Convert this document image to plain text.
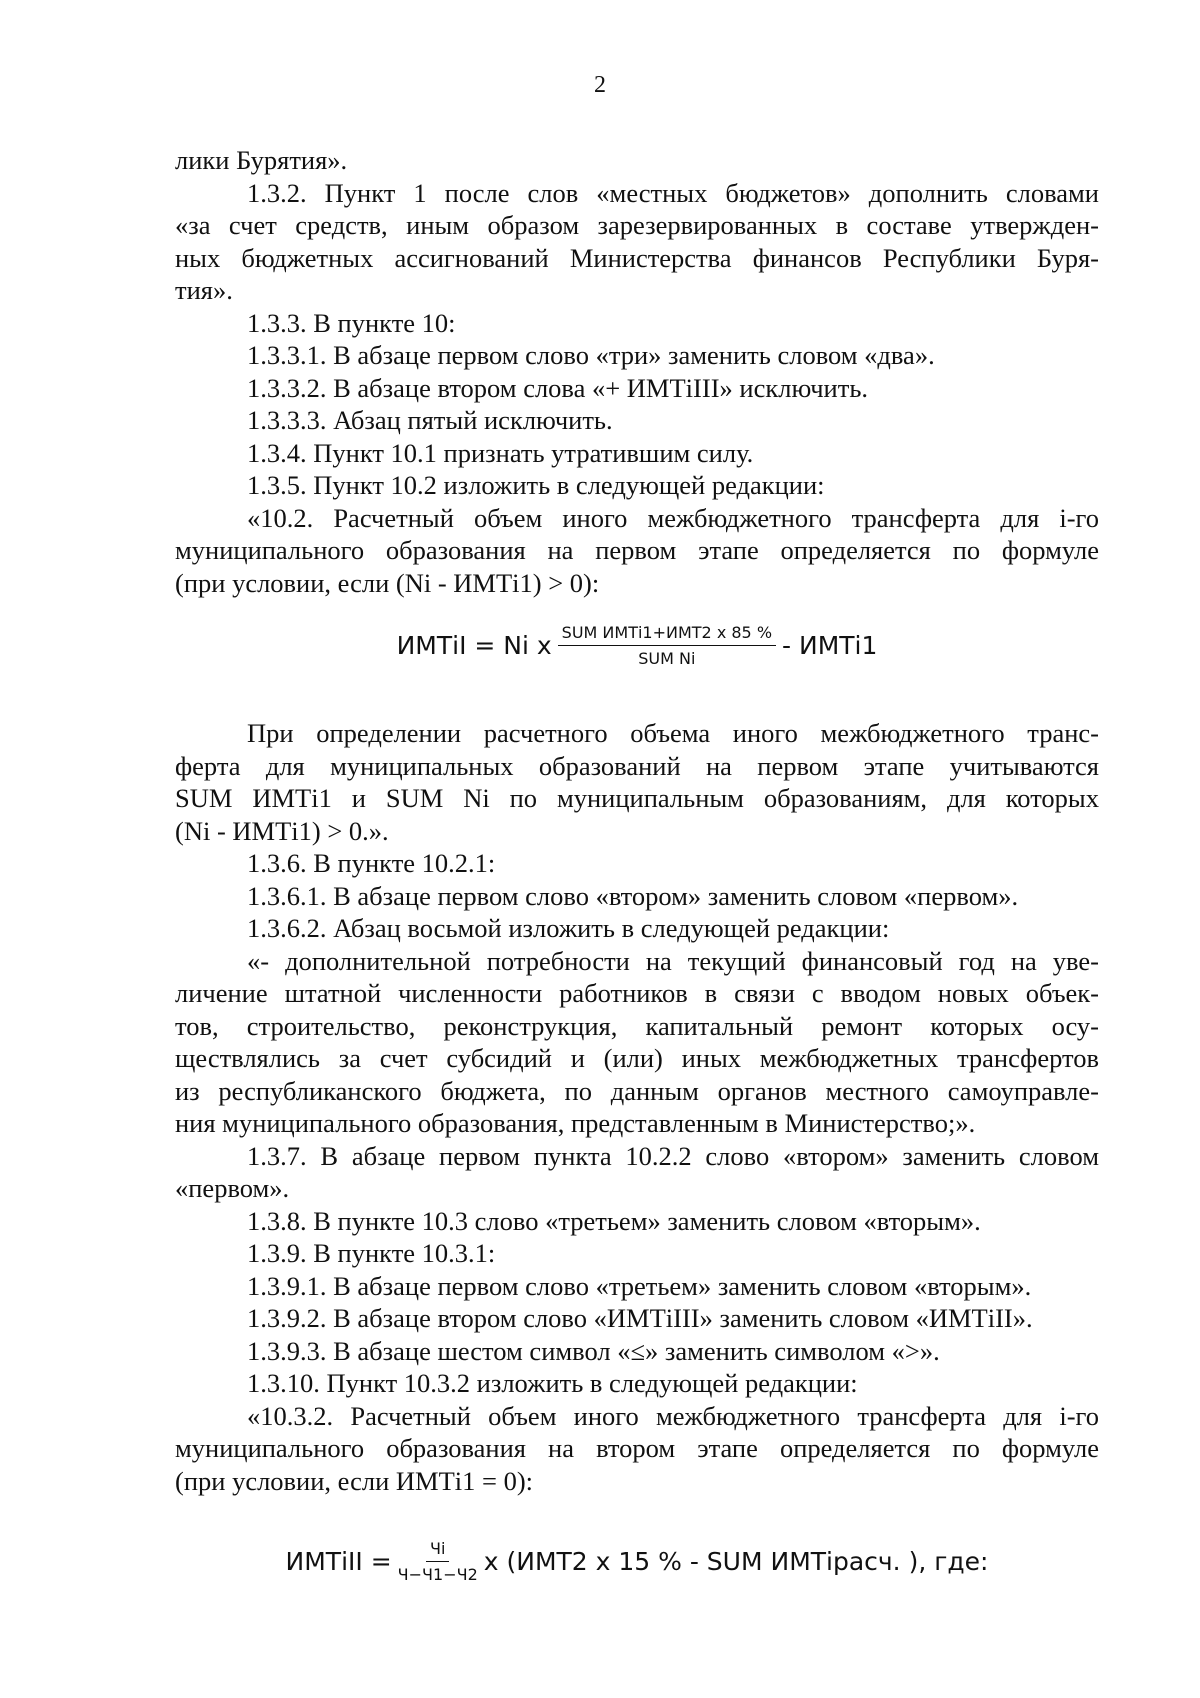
2

лики Бурятия».

1.3.2. Пункт 1 после слов «местных бюджетов» дополнить словами
«за счет средств, иным образом зарезервированных в составе утвержден-
ных бюджетных ассигнований Министерства финансов Республики Буря-
тия».

1.3.3. В пункте 10:

1.3.3.1. В абзаце первом слово «три» заменить словом «два».

1.3.3.2. В абзаце втором слова «+ ИМТiIII» исключить.

1.3.3.3. Абзац пятый исключить.

1.3.4. Пункт 10.1 признать утратившим силу.

1.3.5. Пункт 10.2 изложить в следующей редакции:

«10.2. Расчетный объем иного межбюджетного трансферта для i-го
муниципального образования на первом этапе определяется по формуле
(при условии, если (Ni - ИМТi1) > 0):

ИМТiI = Ni x $\frac{\text{SUM ИМТi1+ИМТ2 x 85 \%}}{\text{SUM Ni}}$ - ИМТi1

При определении расчетного объема иного межбюджетного транс-
ферта для муниципальных образований на первом этапе учитываются
SUM ИМТi1 и SUM Ni по муниципальным образованиям, для которых
(Ni - ИМТi1) > 0.».

1.3.6. В пункте 10.2.1:

1.3.6.1. В абзаце первом слово «втором» заменить словом «первом».

1.3.6.2. Абзац восьмой изложить в следующей редакции:

«- дополнительной потребности на текущий финансовый год на уве-
личение штатной численности работников в связи с вводом новых объек-
тов, строительство, реконструкция, капитальный ремонт которых осу-
ществлялись за счет субсидий и (или) иных межбюджетных трансфертов
из республиканского бюджета, по данным органов местного самоуправле-
ния муниципального образования, представленным в Министерство;».

1.3.7. В абзаце первом пункта 10.2.2 слово «втором» заменить словом
«первом».

1.3.8. В пункте 10.3 слово «третьем» заменить словом «вторым».

1.3.9. В пункте 10.3.1:

1.3.9.1. В абзаце первом слово «третьем» заменить словом «вторым».

1.3.9.2. В абзаце втором слово «ИМТiIII» заменить словом «ИМТiII».

1.3.9.3. В абзаце шестом символ «≤» заменить символом «>».

1.3.10. Пункт 10.3.2 изложить в следующей редакции:

«10.3.2. Расчетный объем иного межбюджетного трансферта для i-го
муниципального образования на втором этапе определяется по формуле
(при условии, если ИМТi1 = 0):

ИМТiII = $\frac{Чi}{Ч-Ч1-Ч2}$ x (ИМТ2 x 15 % - SUM ИМТiрасч. ), где:
